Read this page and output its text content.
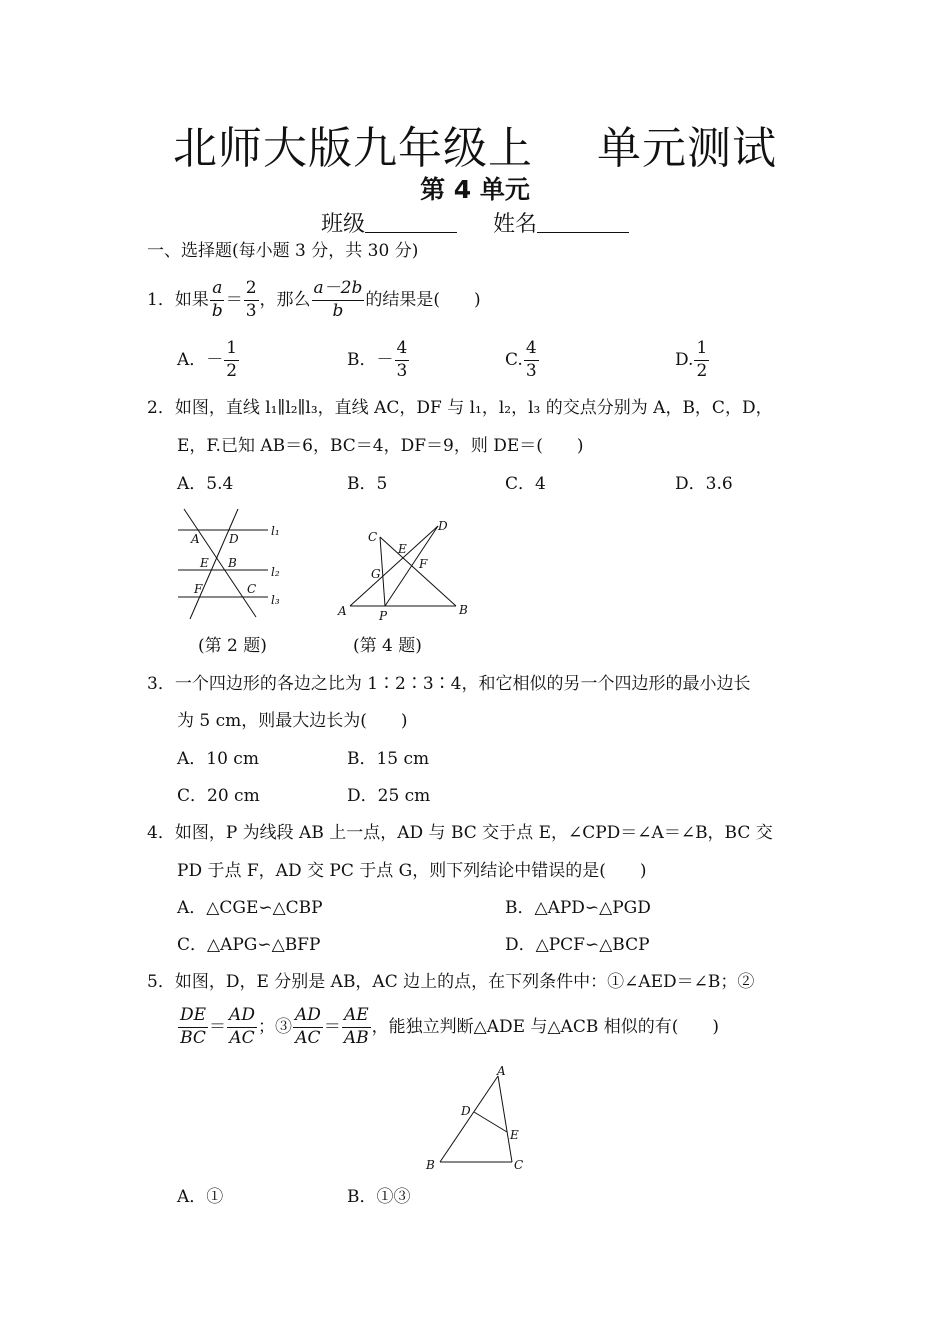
北师大版九年级上 单元测试
第 4 单元
班级	姓名
一、选择题(每小题 3 分，共 30 分)
1． 如果 $\frac{a}{b} = \frac{2}{3}$ ，那么 $\frac{a-2b}{b}$ 的结果是(　　)
A． － $\frac{1}{2}$	B． － $\frac{4}{3}$	C. $\frac{4}{3}$	D. $\frac{1}{2}$
2．如图，直线 l₁∥l₂∥l₃，直线 AC，DF 与 l₁，l₂，l₃ 的交点分别为 A，B，C，D，
E，F.已知 AB＝6，BC＝4，DF＝9，则 DE＝(　　)
A．5.4	B．5	C．4	D．3.6
A D
E B
F	C
l₁
l₂
l₃
C
E
D
G
F
A	P	B
(第 2 题)	(第 4 题)
3．一个四边形的各边之比为 1∶2∶3∶4，和它相似的另一个四边形的最小边长
为 5 cm，则最大边长为(　　)
A．10 cm	B．15 cm
C．20 cm	D．25 cm
4．如图，P 为线段 AB 上一点，AD 与 BC 交于点 E，∠CPD＝∠A＝∠B，BC 交
PD 于点 F，AD 交 PC 于点 G，则下列结论中错误的是(　　)
A．△CGE∽△CBP	B．△APD∽△PGD
C．△APG∽△BFP	D．△PCF∽△BCP
5．如图，D，E 分别是 AB，AC 边上的点，在下列条件中：①∠AED＝∠B；②
$\frac{DE}{BC} = \frac{AD}{AC}$ ；③ $\frac{AD}{AC} = \frac{AE}{AB}$ ，能独立判断△ADE 与△ACB 相似的有(　　)
A
D
E
B	C
A．①	B．①③
